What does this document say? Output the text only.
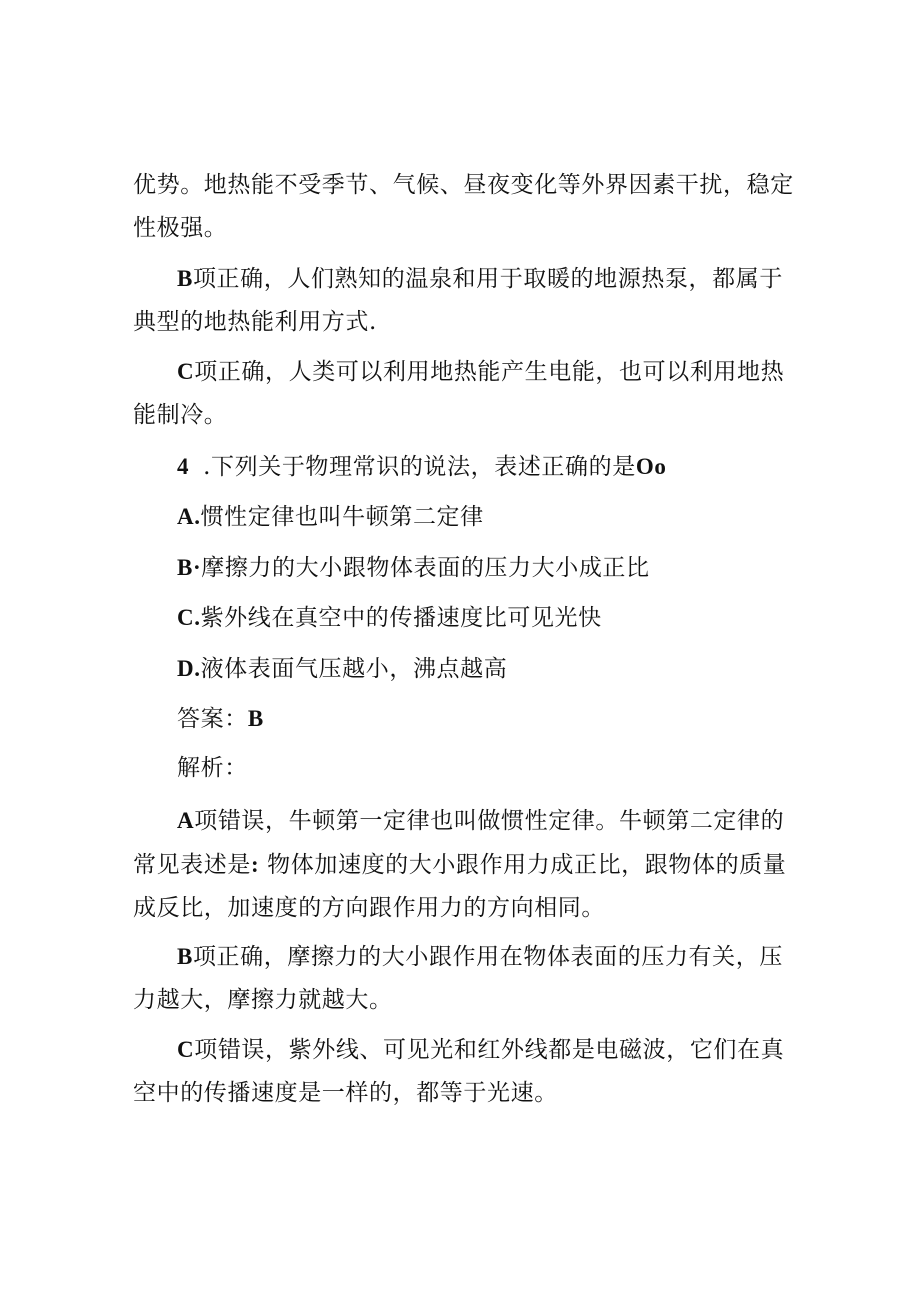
优势。地热能不受季节、气候、昼夜变化等外界因素干扰，稳定性极强。
B项正确，人们熟知的温泉和用于取暖的地源热泵，都属于典型的地热能利用方式.
C项正确，人类可以利用地热能产生电能，也可以利用地热能制冷。
4 .下列关于物理常识的说法，表述正确的是Oo
A.惯性定律也叫牛顿第二定律
B·摩擦力的大小跟物体表面的压力大小成正比
C.紫外线在真空中的传播速度比可见光快
D.液体表面气压越小，沸点越高
答案：B
解析：
A项错误，牛顿第一定律也叫做惯性定律。牛顿第二定律的常见表述是: 物体加速度的大小跟作用力成正比，跟物体的质量成反比，加速度的方向跟作用力的方向相同。
B项正确，摩擦力的大小跟作用在物体表面的压力有关，压力越大，摩擦力就越大。
C项错误，紫外线、可见光和红外线都是电磁波，它们在真空中的传播速度是一样的，都等于光速。
